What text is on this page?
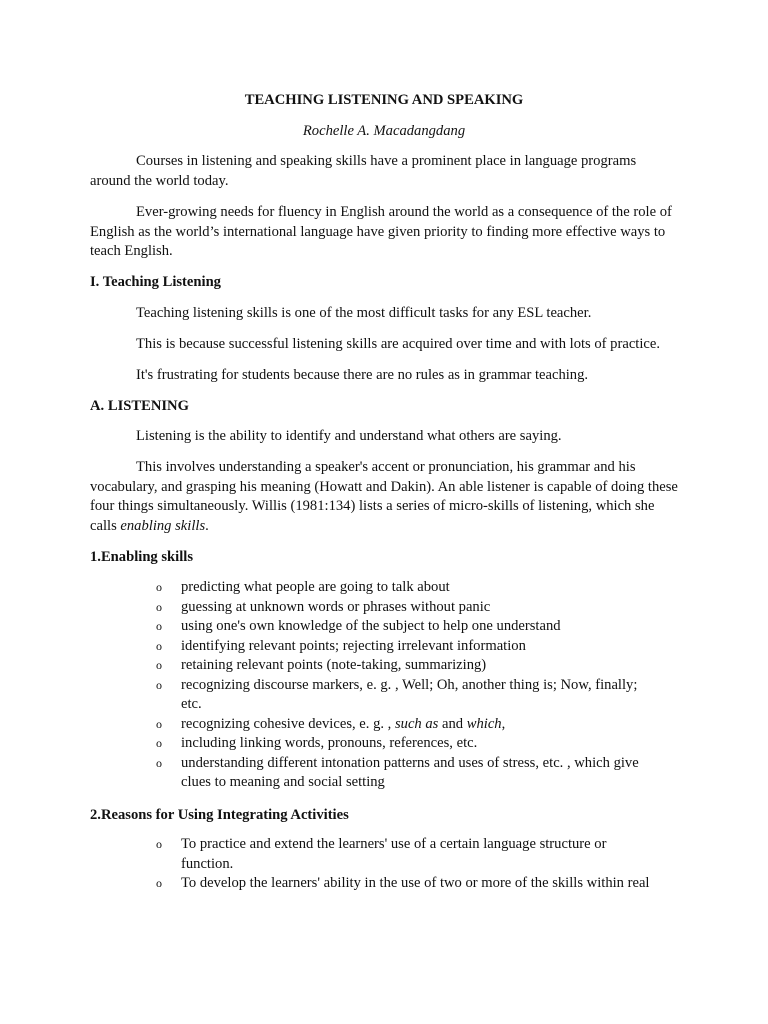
TEACHING LISTENING AND SPEAKING
Rochelle A. Macadangdang

Courses in listening and speaking skills have a prominent place in language programs around the world today.

Ever-growing needs for fluency in English around the world as a consequence of the role of English as the world’s international language have given priority to finding more effective ways to teach English.

I. Teaching Listening

Teaching listening skills is one of the most difficult tasks for any ESL teacher.

This is because successful listening skills are acquired over time and with lots of practice.

It's frustrating for students because there are no rules as in grammar teaching.

A. LISTENING

Listening is the ability to identify and understand what others are saying.

This involves understanding a speaker's accent or pronunciation, his grammar and his vocabulary, and grasping his meaning (Howatt and Dakin). An able listener is capable of doing these four things simultaneously. Willis (1981:134) lists a series of micro-skills of listening, which she calls enabling skills.

1.Enabling skills
o	predicting what people are going to talk about
o	guessing at unknown words or phrases without panic
o	using one's own knowledge of the subject to help one understand
o	identifying relevant points; rejecting irrelevant information
o	retaining relevant points (note-taking, summarizing)
o	recognizing discourse markers, e. g. , Well; Oh, another thing is; Now, finally; etc.
o	recognizing cohesive devices, e. g. , such as and which,
o	including linking words, pronouns, references, etc.
o	understanding different intonation patterns and uses of stress, etc. , which give clues to meaning and social setting
2.Reasons for Using Integrating Activities
o	To practice and extend the learners' use of a certain language structure or function.
o	To develop the learners' ability in the use of two or more of the skills within real
